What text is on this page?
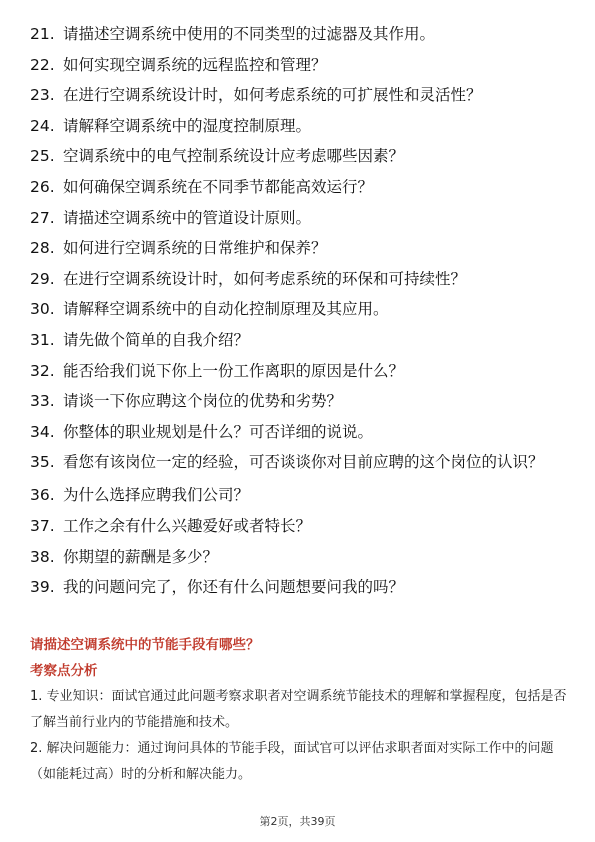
21. 请描述空调系统中使用的不同类型的过滤器及其作用。
22. 如何实现空调系统的远程监控和管理？
23. 在进行空调系统设计时，如何考虑系统的可扩展性和灵活性？
24. 请解释空调系统中的湿度控制原理。
25. 空调系统中的电气控制系统设计应考虑哪些因素？
26. 如何确保空调系统在不同季节都能高效运行？
27. 请描述空调系统中的管道设计原则。
28. 如何进行空调系统的日常维护和保养？
29. 在进行空调系统设计时，如何考虑系统的环保和可持续性？
30. 请解释空调系统中的自动化控制原理及其应用。
31. 请先做个简单的自我介绍？
32. 能否给我们说下你上一份工作离职的原因是什么？
33. 请谈一下你应聘这个岗位的优势和劣势？
34. 你整体的职业规划是什么？可否详细的说说。
35. 看您有该岗位一定的经验，可否谈谈你对目前应聘的这个岗位的认识？
36. 为什么选择应聘我们公司？
37. 工作之余有什么兴趣爱好或者特长？
38. 你期望的薪酬是多少？
39. 我的问题问完了，你还有什么问题想要问我的吗？
请描述空调系统中的节能手段有哪些？
考察点分析
1. 专业知识：面试官通过此问题考察求职者对空调系统节能技术的理解和掌握程度，包括是否了解当前行业内的节能措施和技术。
2. 解决问题能力：通过询问具体的节能手段，面试官可以评估求职者面对实际工作中的问题（如能耗过高）时的分析和解决能力。
第2页，共39页
